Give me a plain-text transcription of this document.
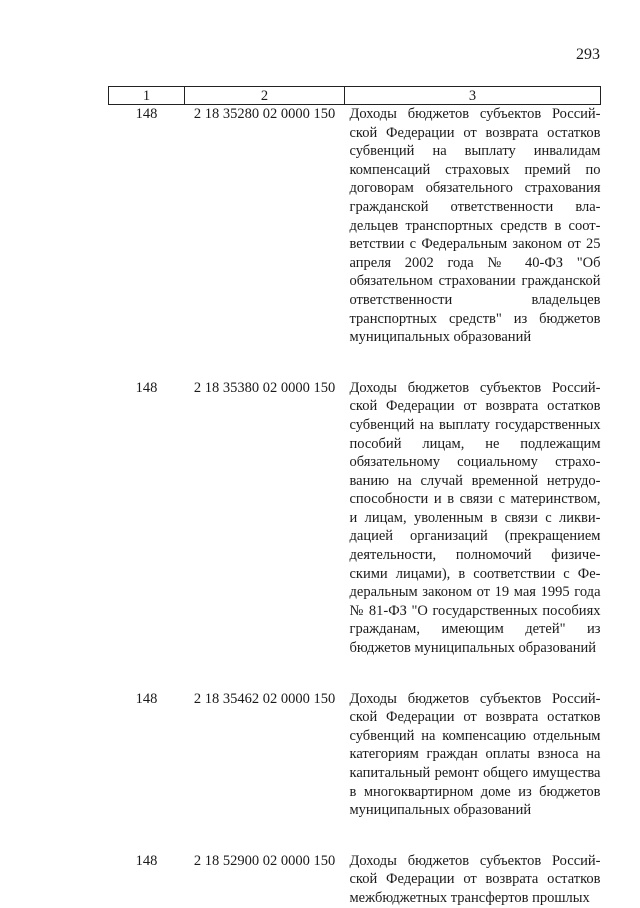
293
1	2	3
148	2 18 35280 02 0000 150	Доходы бюджетов субъектов Российской Федерации от возврата остатков субвенций на выплату инвалидам компенсаций страховых премий по договорам обязательного страхования гражданской ответственности владельцев транспортных средств в соответствии с Федеральным законом от 25 апреля 2002 года № 40-ФЗ "Об обязательном страховании гражданской ответственности владельцев транспортных средств" из бюджетов муниципальных образований
148	2 18 35380 02 0000 150	Доходы бюджетов субъектов Российской Федерации от возврата остатков субвенций на выплату государственных пособий лицам, не подлежащим обязательному социальному страхованию на случай временной нетрудоспособности и в связи с материнством, и лицам, уволенным в связи с ликвидацией организаций (прекращением деятельности, полномочий физическими лицами), в соответствии с Федеральным законом от 19 мая 1995 года № 81-ФЗ "О государственных пособиях гражданам, имеющим детей" из бюджетов муниципальных образований
148	2 18 35462 02 0000 150	Доходы бюджетов субъектов Российской Федерации от возврата остатков субвенций на компенсацию отдельным категориям граждан оплаты взноса на капитальный ремонт общего имущества в многоквартирном доме из бюджетов муниципальных образований
148	2 18 52900 02 0000 150	Доходы бюджетов субъектов Российской Федерации от возврата остатков межбюджетных трансфертов прошлых
